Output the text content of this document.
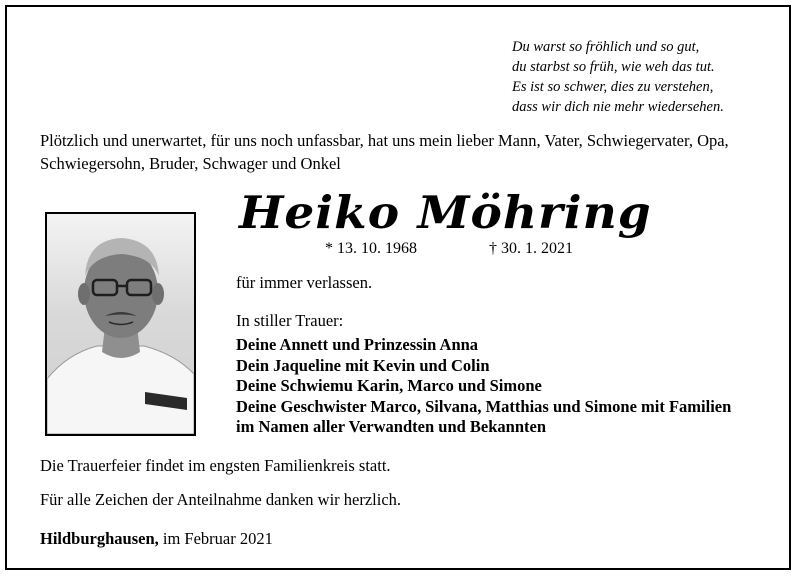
Du warst so fröhlich und so gut,
du starbst so früh, wie weh das tut.
Es ist so schwer, dies zu verstehen,
dass wir dich nie mehr wiedersehen.
Plötzlich und unerwartet, für uns noch unfassbar, hat uns mein lieber Mann, Vater, Schwiegervater, Opa, Schwiegersohn, Bruder, Schwager und Onkel
Heiko Möhring
* 13. 10. 1968	† 30. 1. 2021
für immer verlassen.
In stiller Trauer:
Deine Annett und Prinzessin Anna
Dein Jaqueline mit Kevin und Colin
Deine Schwiemu Karin, Marco und Simone
Deine Geschwister Marco, Silvana, Matthias und Simone mit Familien
im Namen aller Verwandten und Bekannten
Die Trauerfeier findet im engsten Familienkreis statt.
Für alle Zeichen der Anteilnahme danken wir herzlich.
Hildburghausen, im Februar 2021
